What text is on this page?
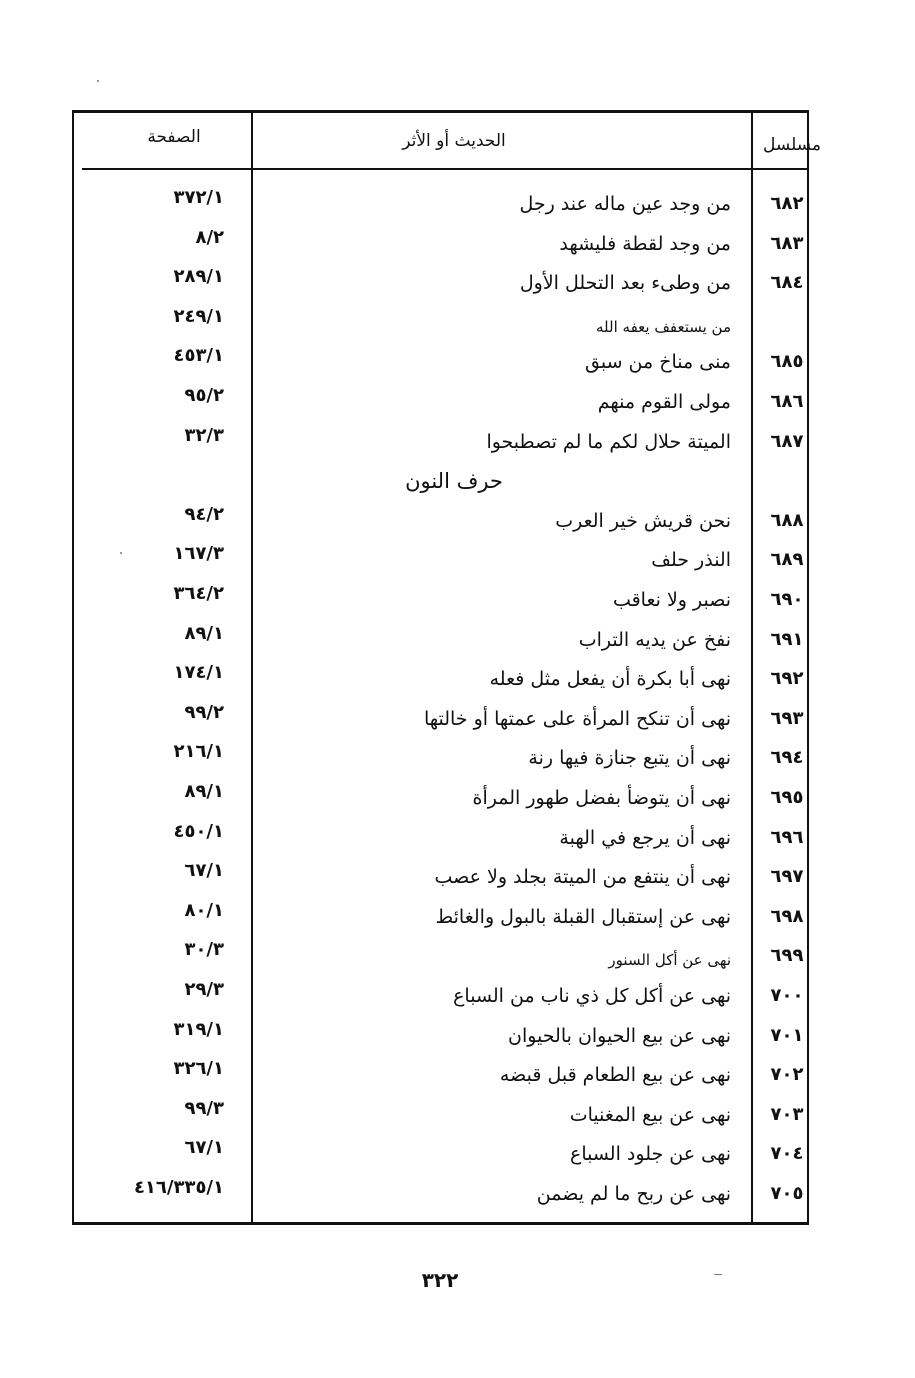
مسلسل
الحديث أو الأثر
الصفحة
٦٨٢
من وجد عين ماله عند رجل
٣٧٢/١
٦٨٣
من وجد لقطة فليشهد
٨/٢
٦٨٤
من وطىء بعد التحلل الأول
٢٨٩/١
من يستعفف يعفه الله
٢٤٩/١
٦٨٥
منى مناخ من سبق
٤٥٣/١
٦٨٦
مولى القوم منهم
٩٥/٢
٦٨٧
الميتة حلال لكم ما لم تصطبحوا
٣٢/٣
حرف النون
٦٨٨
نحن قريش خير العرب
٩٤/٢
٦٨٩
النذر حلف
١٦٧/٣
٦٩٠
نصبر ولا نعاقب
٣٦٤/٢
٦٩١
نفخ عن يديه التراب
٨٩/١
٦٩٢
نهى أبا بكرة أن يفعل مثل فعله
١٧٤/١
٦٩٣
نهى أن تنكح المرأة على عمتها أو خالتها
٩٩/٢
٦٩٤
نهى أن يتبع جنازة فيها رنة
٢١٦/١
٦٩٥
نهى أن يتوضأ بفضل طهور المرأة
٨٩/١
٦٩٦
نهى أن يرجع في الهبة
٤٥٠/١
٦٩٧
نهى أن ينتفع من الميتة بجلد ولا عصب
٦٧/١
٦٩٨
نهى عن إستقبال القبلة بالبول والغائط
٨٠/١
٦٩٩
نهى عن أكل السنور
٣٠/٣
٧٠٠
نهى عن أكل كل ذي ناب من السباع
٢٩/٣
٧٠١
نهى عن بيع الحيوان بالحيوان
٣١٩/١
٧٠٢
نهى عن بيع الطعام قبل قبضه
٣٢٦/١
٧٠٣
نهى عن بيع المغنيات
٩٩/٣
٧٠٤
نهى عن جلود السباع
٦٧/١
٧٠٥
نهى عن ربح ما لم يضمن
٤١٦/٣٣٥/١
٣٢٢
